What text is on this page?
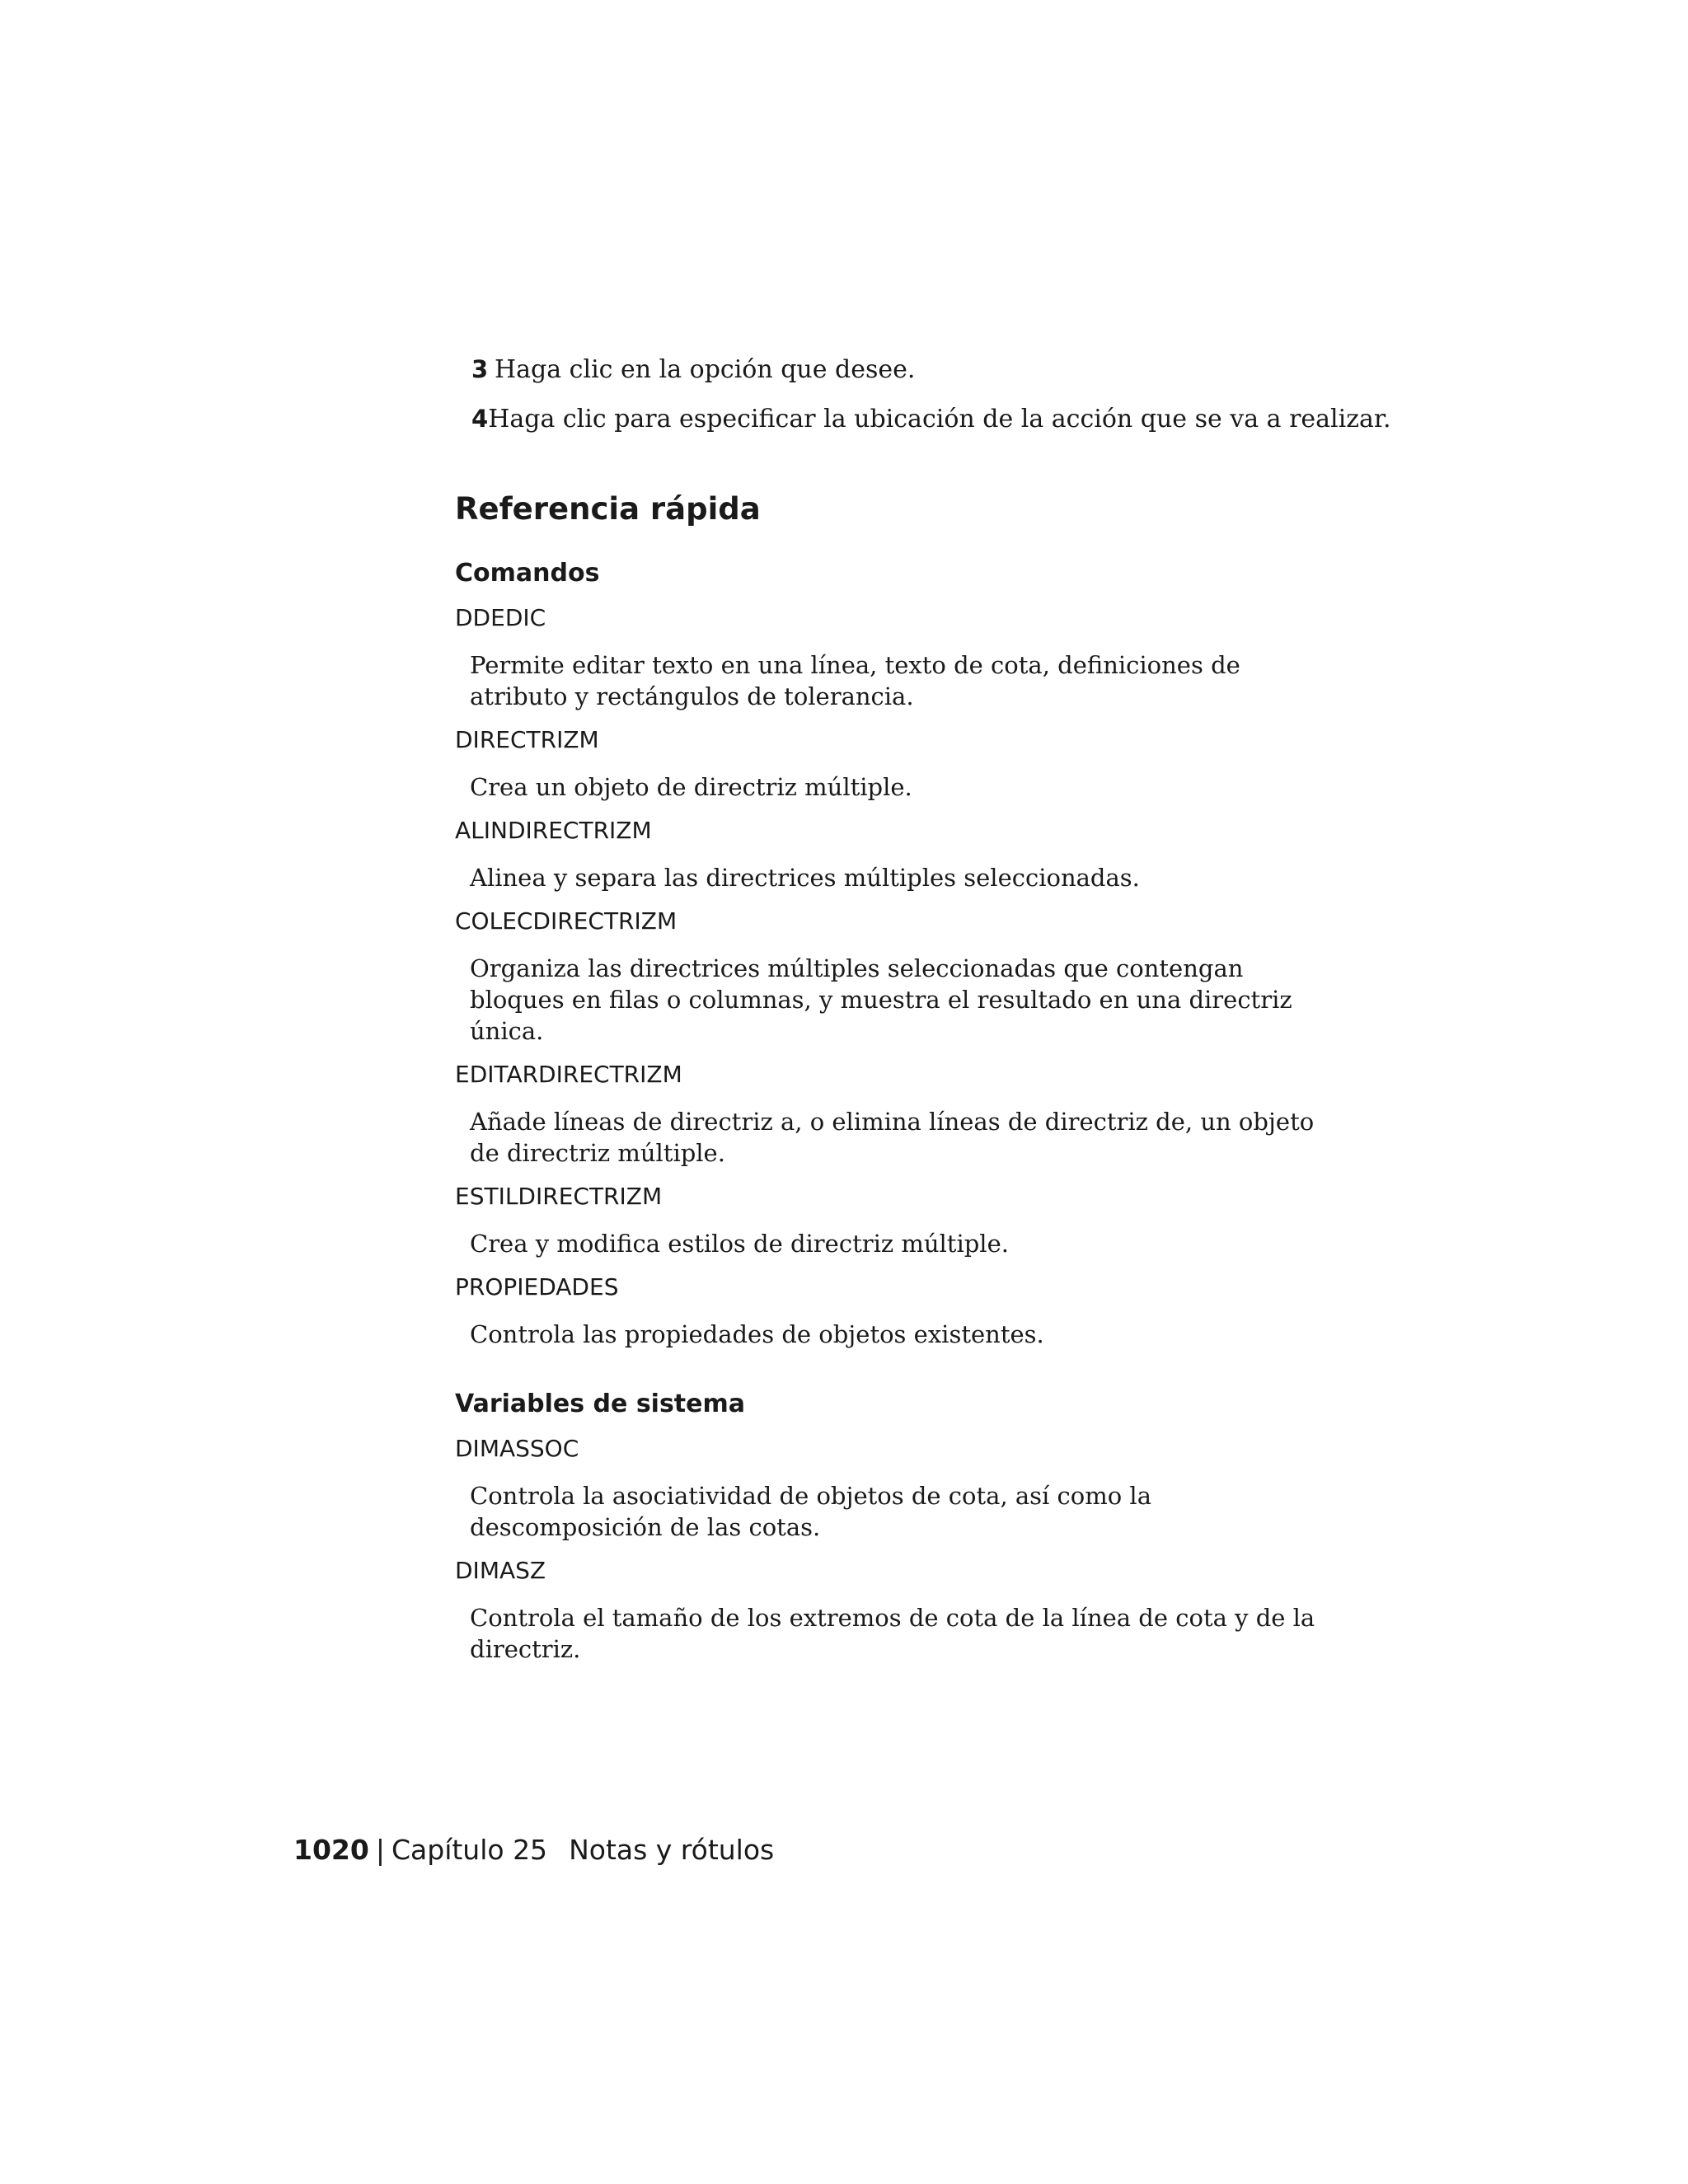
3 Haga clic en la opción que desee.
4 Haga clic para especificar la ubicación de la acción que se va a realizar.
Referencia rápida
Comandos
DDEDIC
Permite editar texto en una línea, texto de cota, definiciones de atributo y rectángulos de tolerancia.
DIRECTRIZM
Crea un objeto de directriz múltiple.
ALINDIRECTRIZM
Alinea y separa las directrices múltiples seleccionadas.
COLECDIRECTRIZM
Organiza las directrices múltiples seleccionadas que contengan bloques en filas o columnas, y muestra el resultado en una directriz única.
EDITARDIRECTRIZM
Añade líneas de directriz a, o elimina líneas de directriz de, un objeto de directriz múltiple.
ESTILDIRECTRIZM
Crea y modifica estilos de directriz múltiple.
PROPIEDADES
Controla las propiedades de objetos existentes.
Variables de sistema
DIMASSOC
Controla la asociatividad de objetos de cota, así como la descomposición de las cotas.
DIMASZ
Controla el tamaño de los extremos de cota de la línea de cota y de la directriz.
1020 | Capítulo 25 Notas y rótulos
